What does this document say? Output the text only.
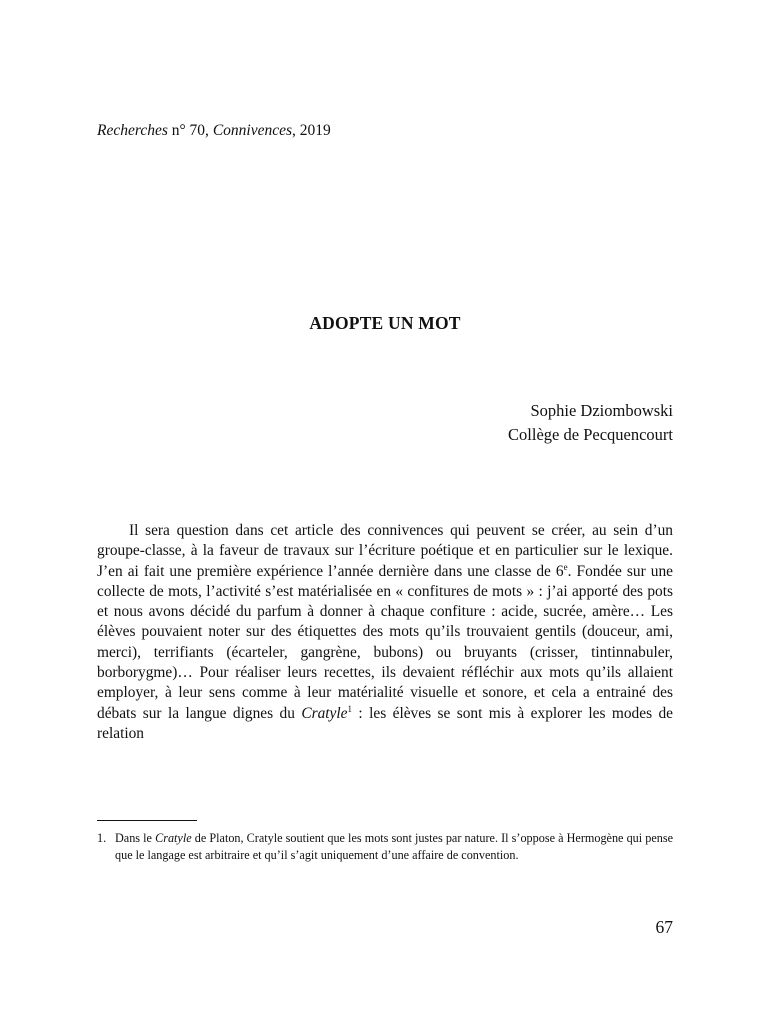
Recherches n° 70, Connivences, 2019
ADOPTE UN MOT
Sophie Dziombowski
Collège de Pecquencourt

Il sera question dans cet article des connivences qui peuvent se créer, au sein d’un groupe-classe, à la faveur de travaux sur l’écriture poétique et en particulier sur le lexique. J’en ai fait une première expérience l’année dernière dans une classe de 6e. Fondée sur une collecte de mots, l’activité s’est matérialisée en « confitures de mots » : j’ai apporté des pots et nous avons décidé du parfum à donner à chaque confiture : acide, sucrée, amère… Les élèves pouvaient noter sur des étiquettes des mots qu’ils trouvaient gentils (douceur, ami, merci), terrifiants (écarteler, gangrène, bubons) ou bruyants (crisser, tintinnabuler, borborygme)… Pour réaliser leurs recettes, ils devaient réfléchir aux mots qu’ils allaient employer, à leur sens comme à leur matérialité visuelle et sonore, et cela a entrainé des débats sur la langue dignes du Cratyle$^1$ : les élèves se sont mis à explorer les modes de relation

1. Dans le Cratyle de Platon, Cratyle soutient que les mots sont justes par nature. Il s’oppose à Hermogène qui pense que le langage est arbitraire et qu’il s’agit uniquement d’une affaire de convention.
67
